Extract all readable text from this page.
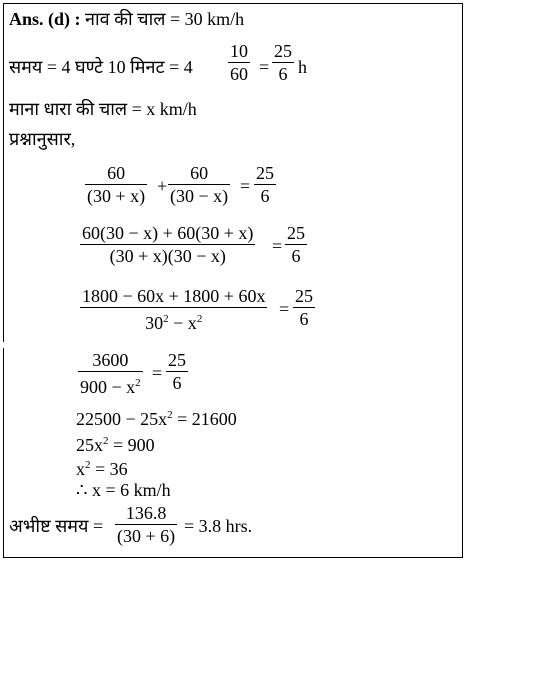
Ans. (d) : नाव की चाल = 30 km/h
समय = 4 घण्टे 10 मिनट = 4
10
60 =
25
6 h
माना धारा की चाल = x km/h
प्रश्नानुसार,
60
(30 + x) +
60
(30 − x) =
25
6
60(30 − x) + 60(30 + x)
(30 + x)(30 − x)	=
25
6
1800 − 60x + 1800 + 60x
$30^2 - x^2$	=
25
6
3600
$900 - x^2$ =
25
6
$22500 - 25x^2 = 21600$
$25x^2 = 900$
$x^2 = 36$
∴ x = 6 km/h
अभीष्ट समय =
136.8
(30 + 6) = 3.8 hrs.
